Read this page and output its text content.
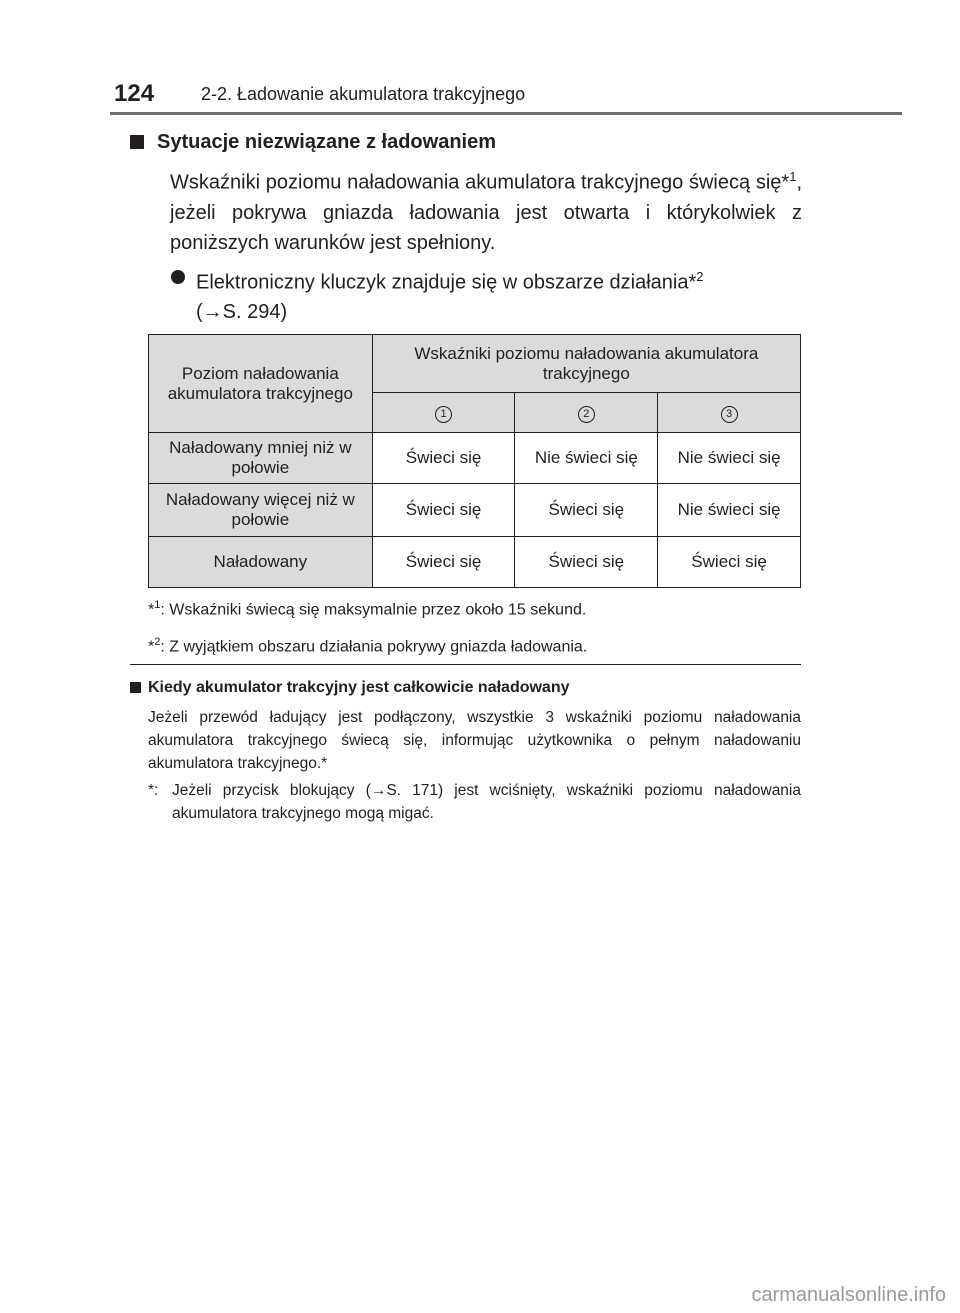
124	2-2. Ładowanie akumulatora trakcyjnego
Sytuacje niezwiązane z ładowaniem
Wskaźniki poziomu naładowania akumulatora trakcyjnego świecą się*$^1$, jeżeli pokrywa gniazda ładowania jest otwarta i którykolwiek z poniższych warunków jest spełniony.
Elektroniczny kluczyk znajduje się w obszarze działania*$^2$
(→S. 294)
Poziom naładowania akumulatora trakcyjnego	Wskaźniki poziomu naładowania akumulatora trakcyjnego		
	1	2	3
Naładowany mniej niż w połowie	Świeci się	Nie świeci się	Nie świeci się
Naładowany więcej niż w połowie	Świeci się	Świeci się	Nie świeci się
Naładowany	Świeci się	Świeci się	Świeci się
*$^1$: Wskaźniki świecą się maksymalnie przez około 15 sekund.
*$^2$: Z wyjątkiem obszaru działania pokrywy gniazda ładowania.
Kiedy akumulator trakcyjny jest całkowicie naładowany
Jeżeli przewód ładujący jest podłączony, wszystkie 3 wskaźniki poziomu naładowania akumulatora trakcyjnego świecą się, informując użytkownika o pełnym naładowaniu akumulatora trakcyjnego.*
*: Jeżeli przycisk blokujący (→S. 171) jest wciśnięty, wskaźniki poziomu naładowania akumulatora trakcyjnego mogą migać.
carmanualsonline.info
